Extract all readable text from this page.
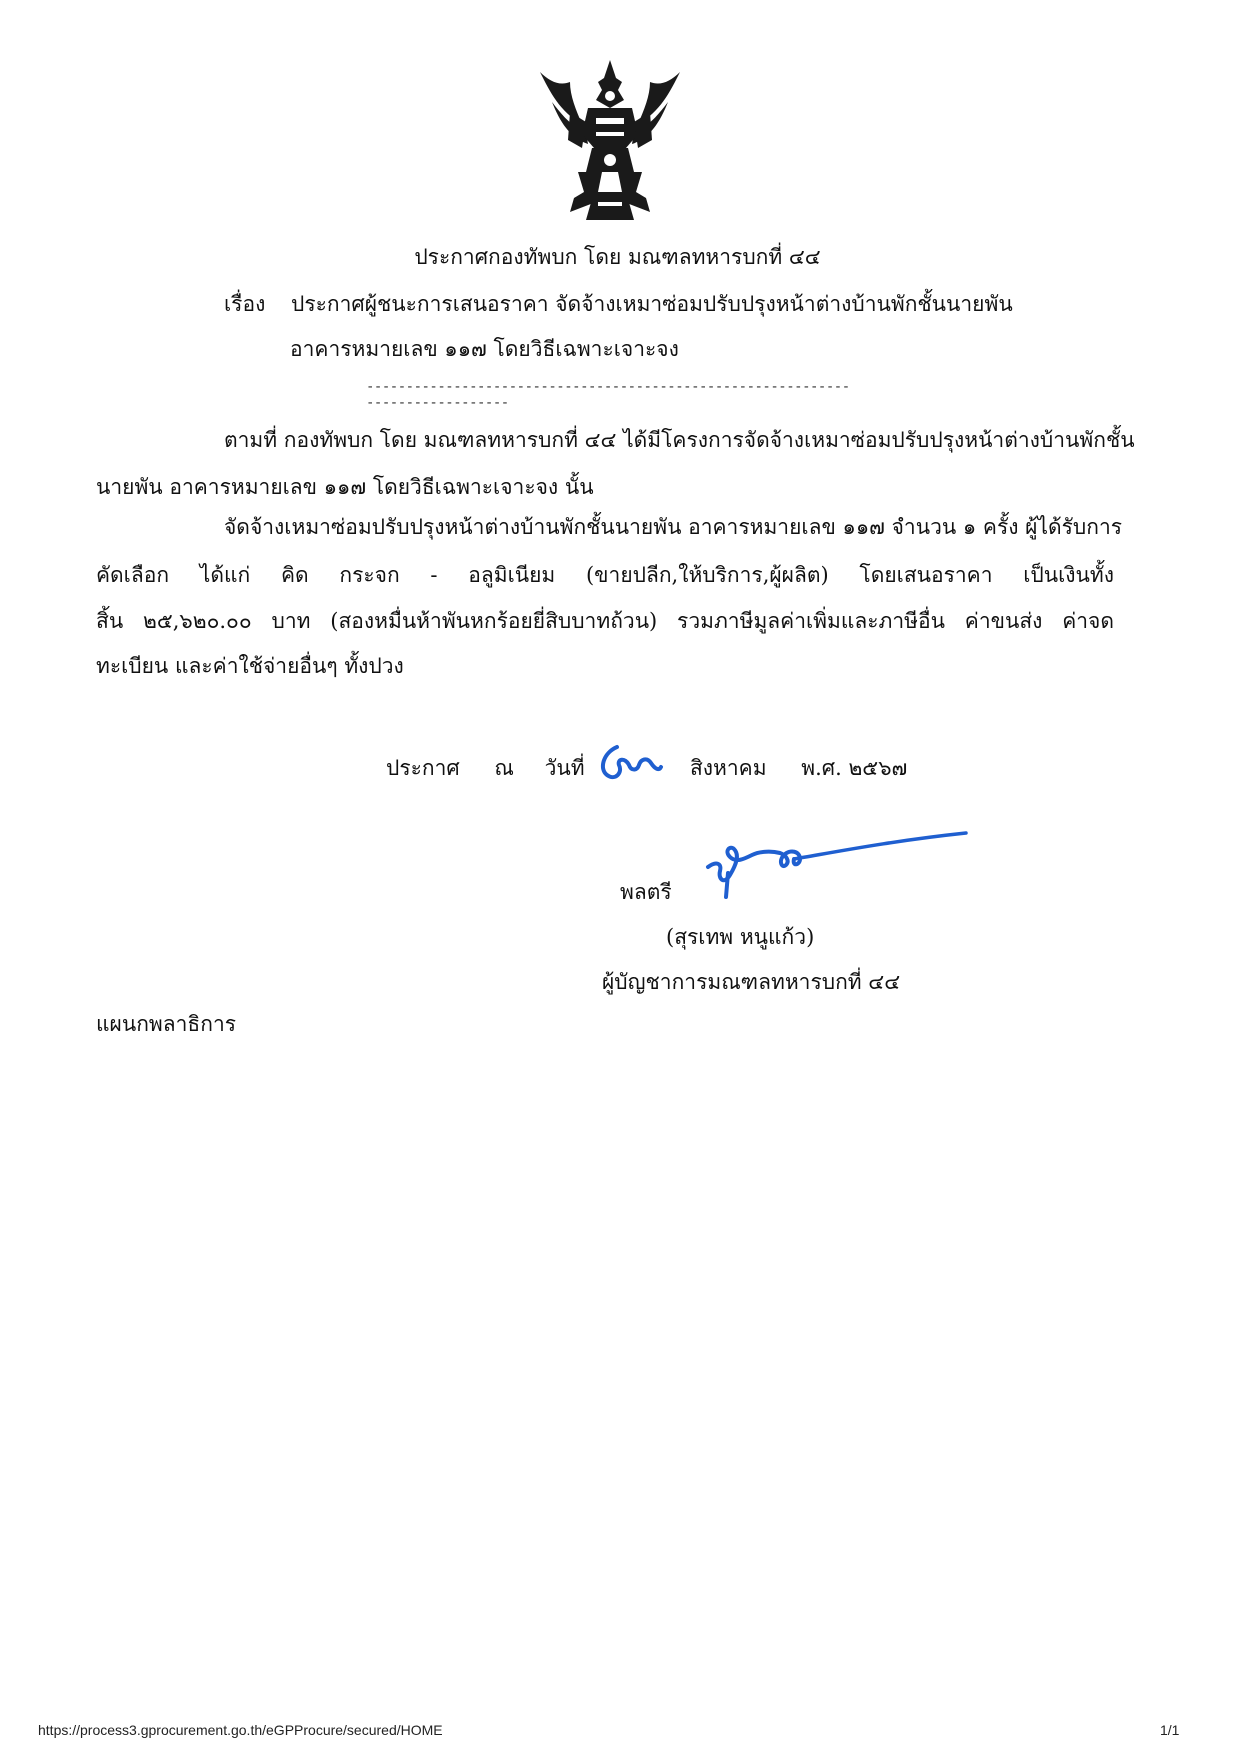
ประกาศกองทัพบก โดย มณฑลทหารบกที่ ๔๔
เรื่อง ประกาศผู้ชนะการเสนอราคา จัดจ้างเหมาซ่อมปรับปรุงหน้าต่างบ้านพักชั้นนายพัน
อาคารหมายเลข ๑๑๗ โดยวิธีเฉพาะเจาะจง
-------------------------------------------------------------------------------
ตามที่ กองทัพบก โดย มณฑลทหารบกที่ ๔๔ ได้มีโครงการจัดจ้างเหมาซ่อมปรับปรุงหน้าต่างบ้านพักชั้น
นายพัน อาคารหมายเลข ๑๑๗ โดยวิธีเฉพาะเจาะจง นั้น
จัดจ้างเหมาซ่อมปรับปรุงหน้าต่างบ้านพักชั้นนายพัน อาคารหมายเลข ๑๑๗ จำนวน ๑ ครั้ง ผู้ได้รับการ
คัดเลือก ได้แก่ คิด กระจก - อลูมิเนียม (ขายปลีก,ให้บริการ,ผู้ผลิต) โดยเสนอราคา เป็นเงินทั้ง
สิ้น ๒๕,๖๒๐.๐๐ บาท (สองหมื่นห้าพันหกร้อยยี่สิบบาทถ้วน) รวมภาษีมูลค่าเพิ่มและภาษีอื่น ค่าขนส่ง ค่าจด
ทะเบียน และค่าใช้จ่ายอื่นๆ ทั้งปวง
ประกาศ ณ วันที่	สิงหาคม พ.ศ. ๒๕๖๗
พลตรี
(สุรเทพ หนูแก้ว)
ผู้บัญชาการมณฑลทหารบกที่ ๔๔
แผนกพลาธิการ
https://process3.gprocurement.go.th/eGPProcure/secured/HOME	1/1
